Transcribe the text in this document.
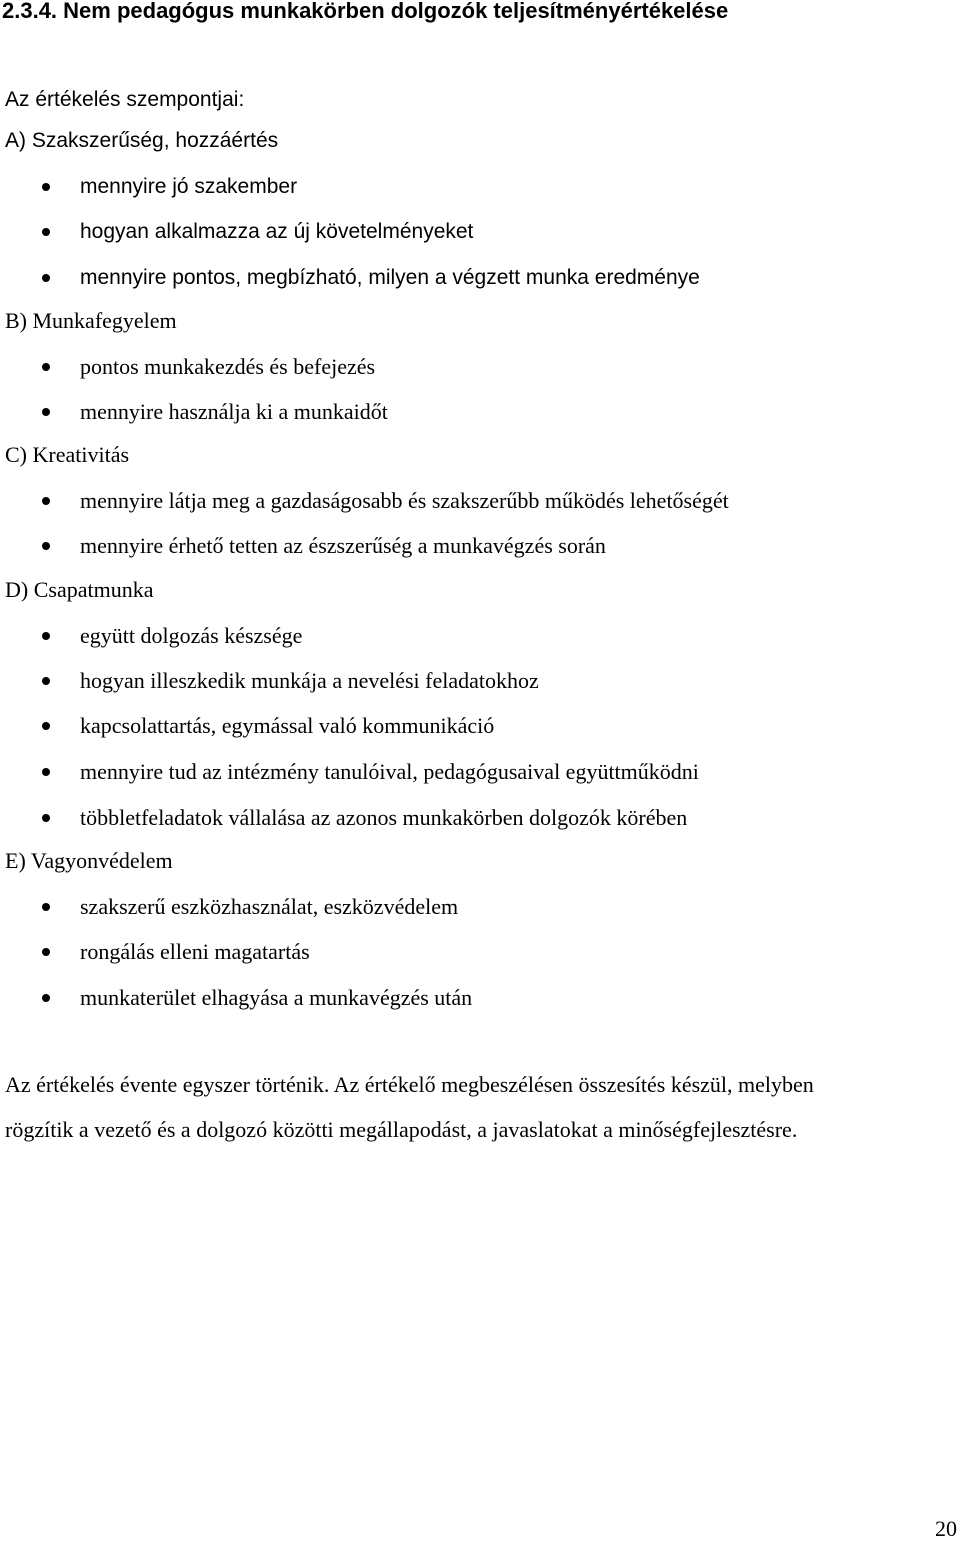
2.3.4. Nem pedagógus munkakörben dolgozók teljesítményértékelése
Az értékelés szempontjai:
A) Szakszerűség, hozzáértés
mennyire jó szakember
hogyan alkalmazza az új követelményeket
mennyire pontos, megbízható, milyen a végzett munka eredménye
B) Munkafegyelem
pontos munkakezdés és befejezés
mennyire használja ki a munkaidőt
C) Kreativitás
mennyire látja meg a gazdaságosabb és szakszerűbb működés lehetőségét
mennyire érhető tetten az észszerűség a munkavégzés során
D) Csapatmunka
együtt dolgozás készsége
hogyan illeszkedik munkája a nevelési feladatokhoz
kapcsolattartás, egymással való kommunikáció
mennyire tud az intézmény tanulóival, pedagógusaival együttműködni
többletfeladatok vállalása az azonos munkakörben dolgozók körében
E) Vagyonvédelem
szakszerű eszközhasználat, eszközvédelem
rongálás elleni magatartás
munkaterület elhagyása a munkavégzés után
Az értékelés évente egyszer történik. Az értékelő megbeszélésen összesítés készül, melyben
rögzítik a vezető és a dolgozó közötti megállapodást, a javaslatokat a minőségfejlesztésre.
20
